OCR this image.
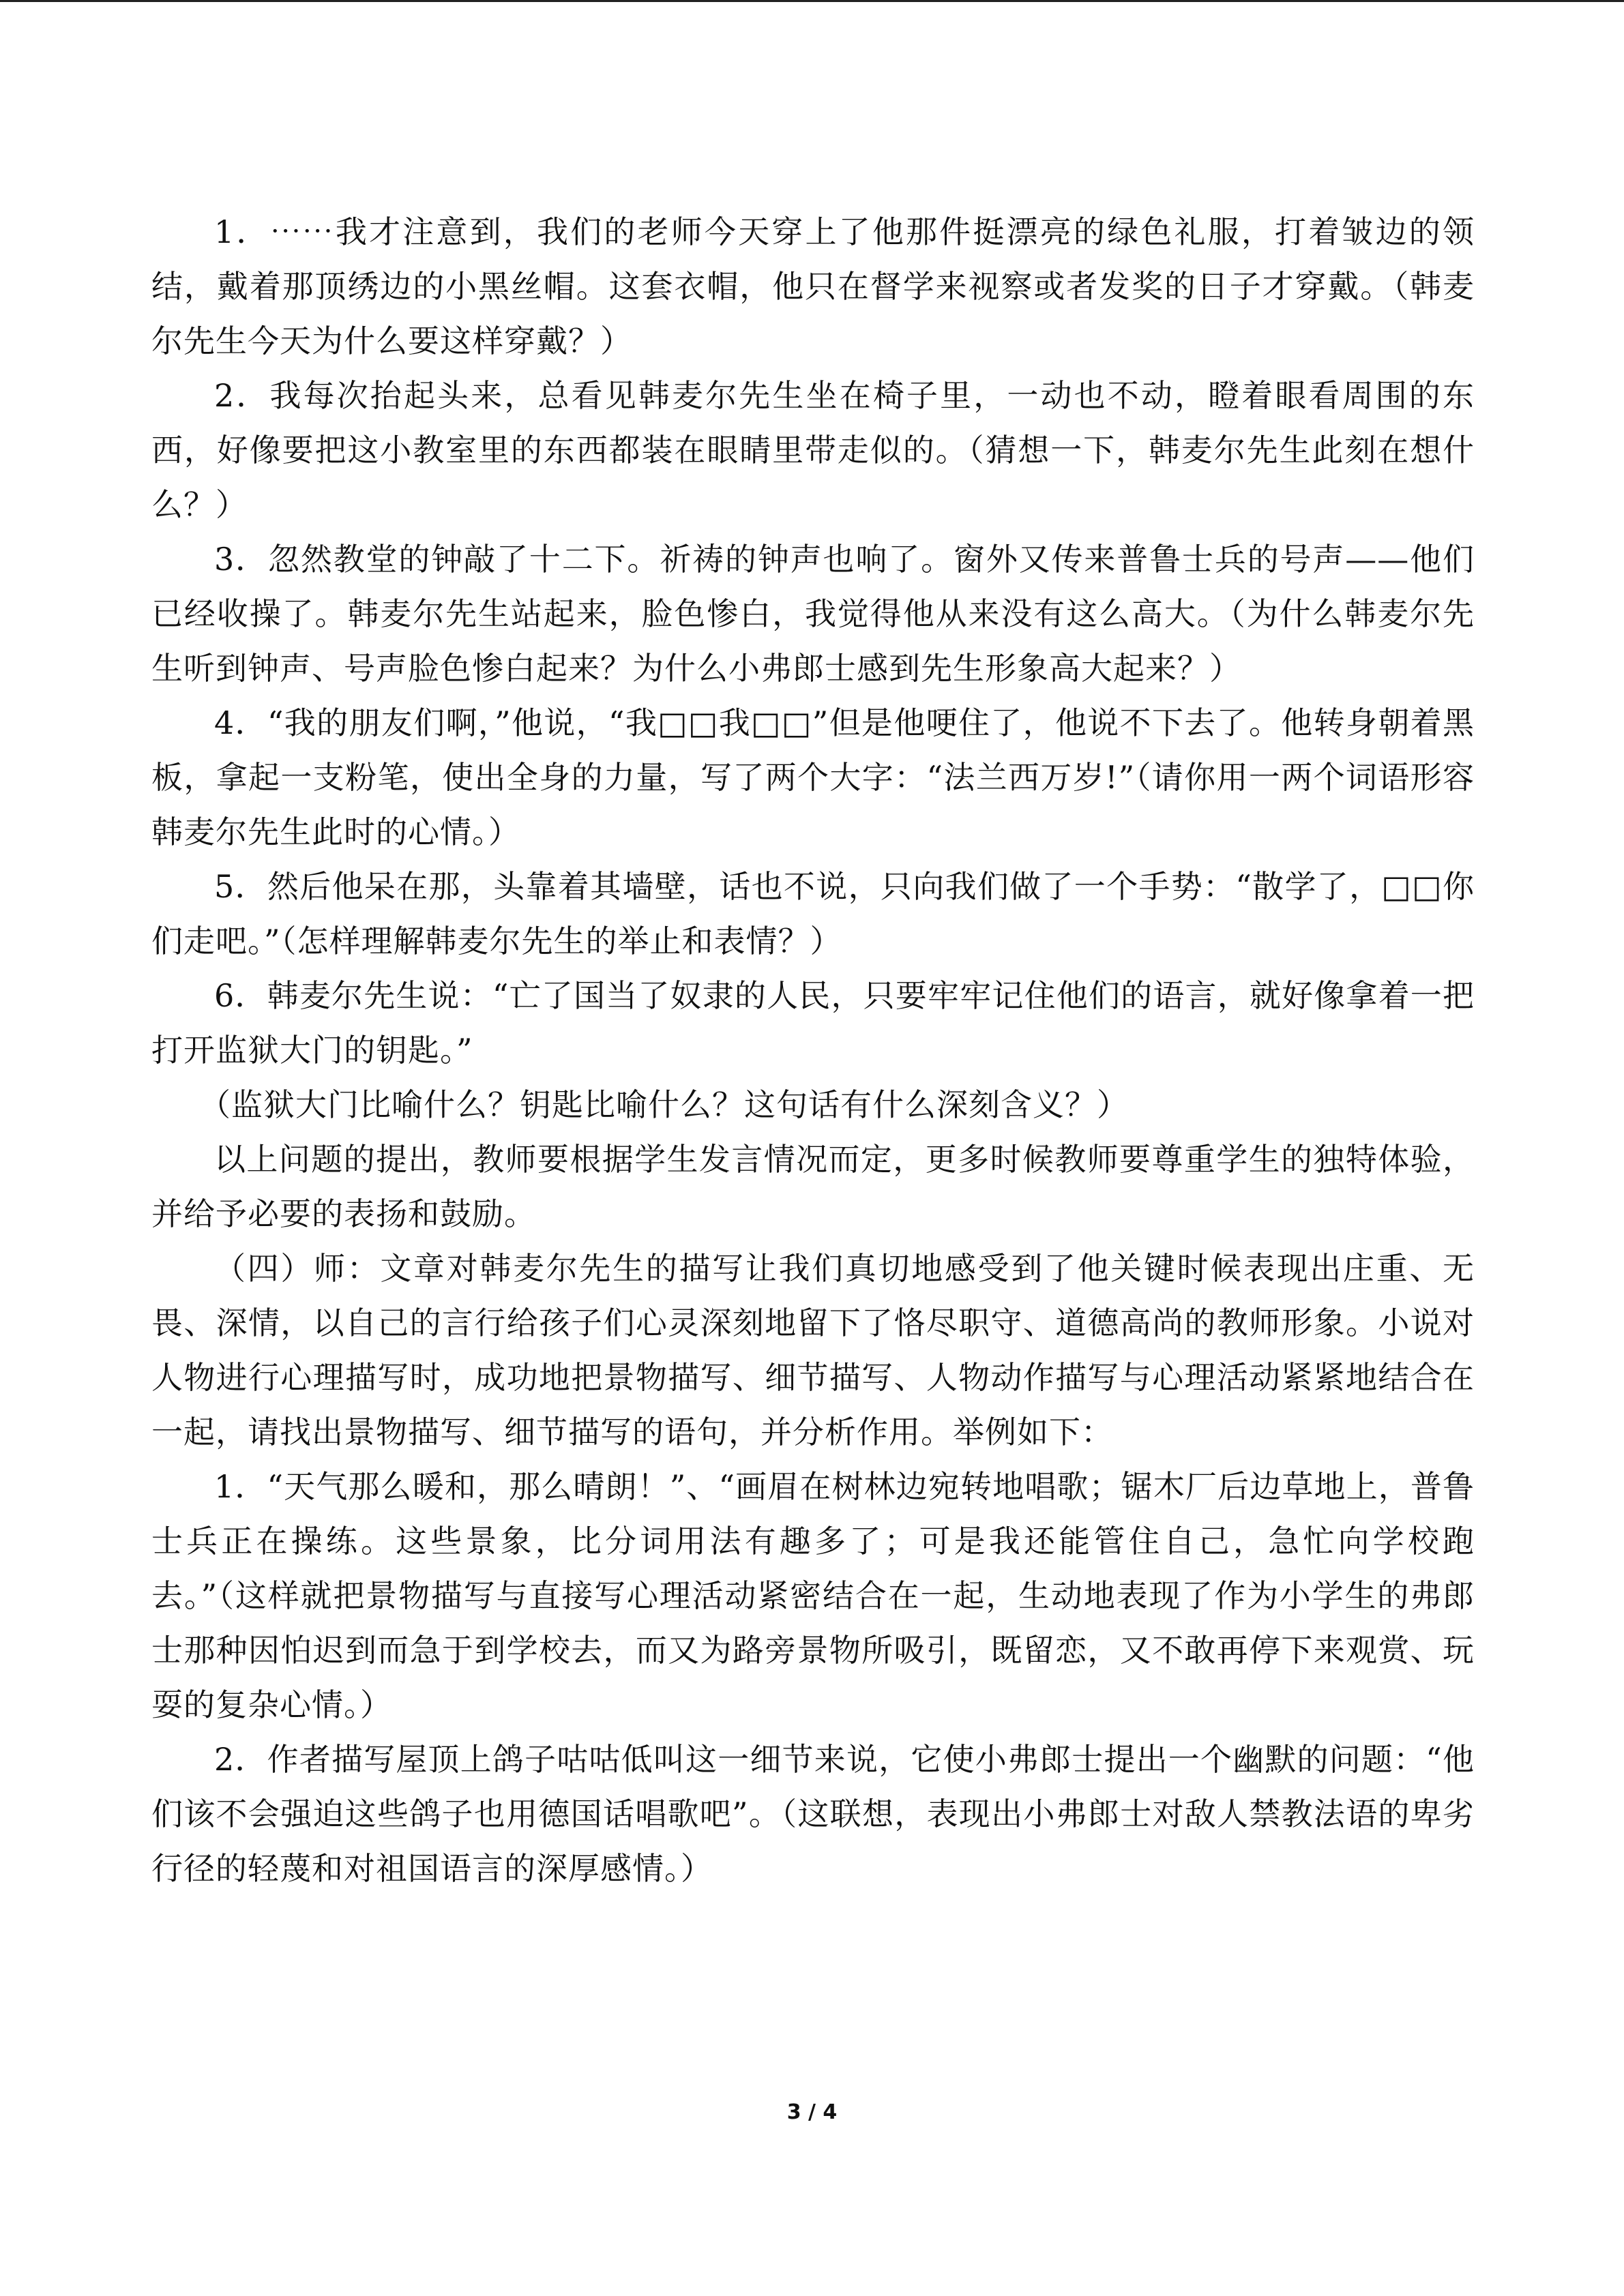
1．⋯⋯我才注意到，我们的老师今天穿上了他那件挺漂亮的绿色礼服，打着皱边的领结，戴着那顶绣边的小黑丝帽。这套衣帽，他只在督学来视察或者发奖的日子才穿戴。（韩麦尔先生今天为什么要这样穿戴？）

2．我每次抬起头来，总看见韩麦尔先生坐在椅子里，一动也不动，瞪着眼看周围的东西，好像要把这小教室里的东西都装在眼睛里带走似的。（猜想一下，韩麦尔先生此刻在想什么？）

3．忽然教堂的钟敲了十二下。祈祷的钟声也响了。窗外又传来普鲁士兵的号声——他们已经收操了。韩麦尔先生站起来，脸色惨白，我觉得他从来没有这么高大。（为什么韩麦尔先生听到钟声、号声脸色惨白起来？为什么小弗郎士感到先生形象高大起来？）

4．“我的朋友们啊，”他说，“我□□我□□”但是他哽住了，他说不下去了。他转身朝着黑板，拿起一支粉笔，使出全身的力量，写了两个大字：“法兰西万岁!”（请你用一两个词语形容韩麦尔先生此时的心情。）

5．然后他呆在那，头靠着其墙壁，话也不说，只向我们做了一个手势：“散学了，□□你们走吧。”（怎样理解韩麦尔先生的举止和表情？）

6．韩麦尔先生说：“亡了国当了奴隶的人民，只要牢牢记住他们的语言，就好像拿着一把打开监狱大门的钥匙。”

（监狱大门比喻什么？钥匙比喻什么？这句话有什么深刻含义？）

以上问题的提出，教师要根据学生发言情况而定，更多时候教师要尊重学生的独特体验，并给予必要的表扬和鼓励。

（四）师：文章对韩麦尔先生的描写让我们真切地感受到了他关键时候表现出庄重、无畏、深情，以自己的言行给孩子们心灵深刻地留下了恪尽职守、道德高尚的教师形象。小说对人物进行心理描写时，成功地把景物描写、细节描写、人物动作描写与心理活动紧紧地结合在一起，请找出景物描写、细节描写的语句，并分析作用。举例如下：

1．“天气那么暖和，那么晴朗！”、“画眉在树林边宛转地唱歌；锯木厂后边草地上，普鲁士兵正在操练。这些景象，比分词用法有趣多了；可是我还能管住自己，急忙向学校跑去。”（这样就把景物描写与直接写心理活动紧密结合在一起，生动地表现了作为小学生的弗郎士那种因怕迟到而急于到学校去，而又为路旁景物所吸引，既留恋，又不敢再停下来观赏、玩耍的复杂心情。）

2．作者描写屋顶上鸽子咕咕低叫这一细节来说，它使小弗郎士提出一个幽默的问题：“他们该不会强迫这些鸽子也用德国话唱歌吧”。（这联想，表现出小弗郎士对敌人禁教法语的卑劣行径的轻蔑和对祖国语言的深厚感情。）

3 / 4
